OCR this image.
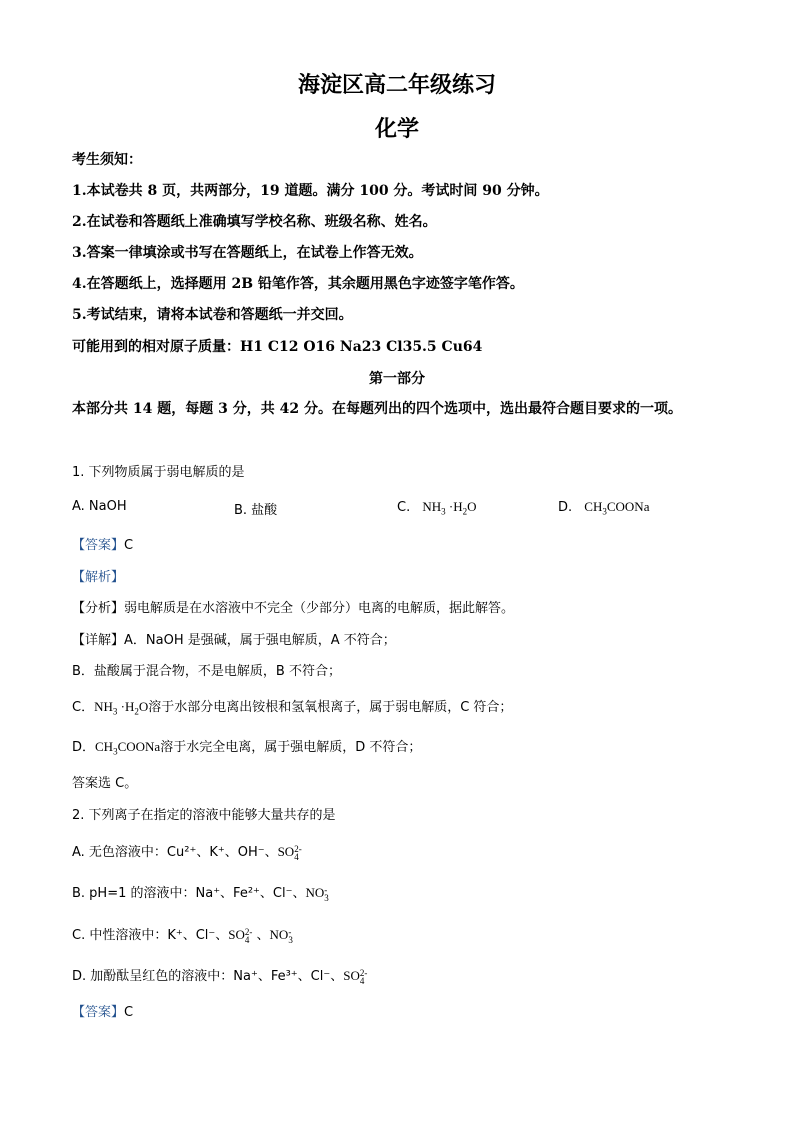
海淀区高二年级练习
化学
考生须知：
1.本试卷共 8 页，共两部分，19 道题。满分 100 分。考试时间 90 分钟。
2.在试卷和答题纸上准确填写学校名称、班级名称、姓名。
3.答案一律填涂或书写在答题纸上，在试卷上作答无效。
4.在答题纸上，选择题用 2B 铅笔作答，其余题用黑色字迹签字笔作答。
5.考试结束，请将本试卷和答题纸一并交回。
可能用到的相对原子质量：H1 C12 O16 Na23 Cl35.5 Cu64
第一部分
本部分共 14 题，每题 3 分，共 42 分。在每题列出的四个选项中，选出最符合题目要求的一项。
1. 下列物质属于弱电解质的是
A. NaOH	B. 盐酸	C. $NH_3 \cdot H_2O$	D. $CH_3COONa$
【答案】C
【解析】
【分析】弱电解质是在水溶液中不完全（少部分）电离的电解质，据此解答。
【详解】A．NaOH 是强碱，属于强电解质，A 不符合；
B．盐酸属于混合物，不是电解质，B 不符合；
C．$NH_3 \cdot H_2O$溶于水部分电离出铵根和氢氧根离子，属于弱电解质，C 符合；
D．$CH_3COONa$溶于水完全电离，属于强电解质，D 不符合；
答案选 C。
2. 下列离子在指定的溶液中能够大量共存的是
A. 无色溶液中：Cu²⁺、K⁺、OH⁻、SO 2-
4
B. pH=1 的溶液中：Na⁺、Fe²⁺、Cl⁻、NO -
3
C. 中性溶液中：K⁺、Cl⁻、SO 2-
4 、NO -
3
D. 加酚酞呈红色的溶液中：Na⁺、Fe³⁺、Cl⁻、SO 2-
4
【答案】C
